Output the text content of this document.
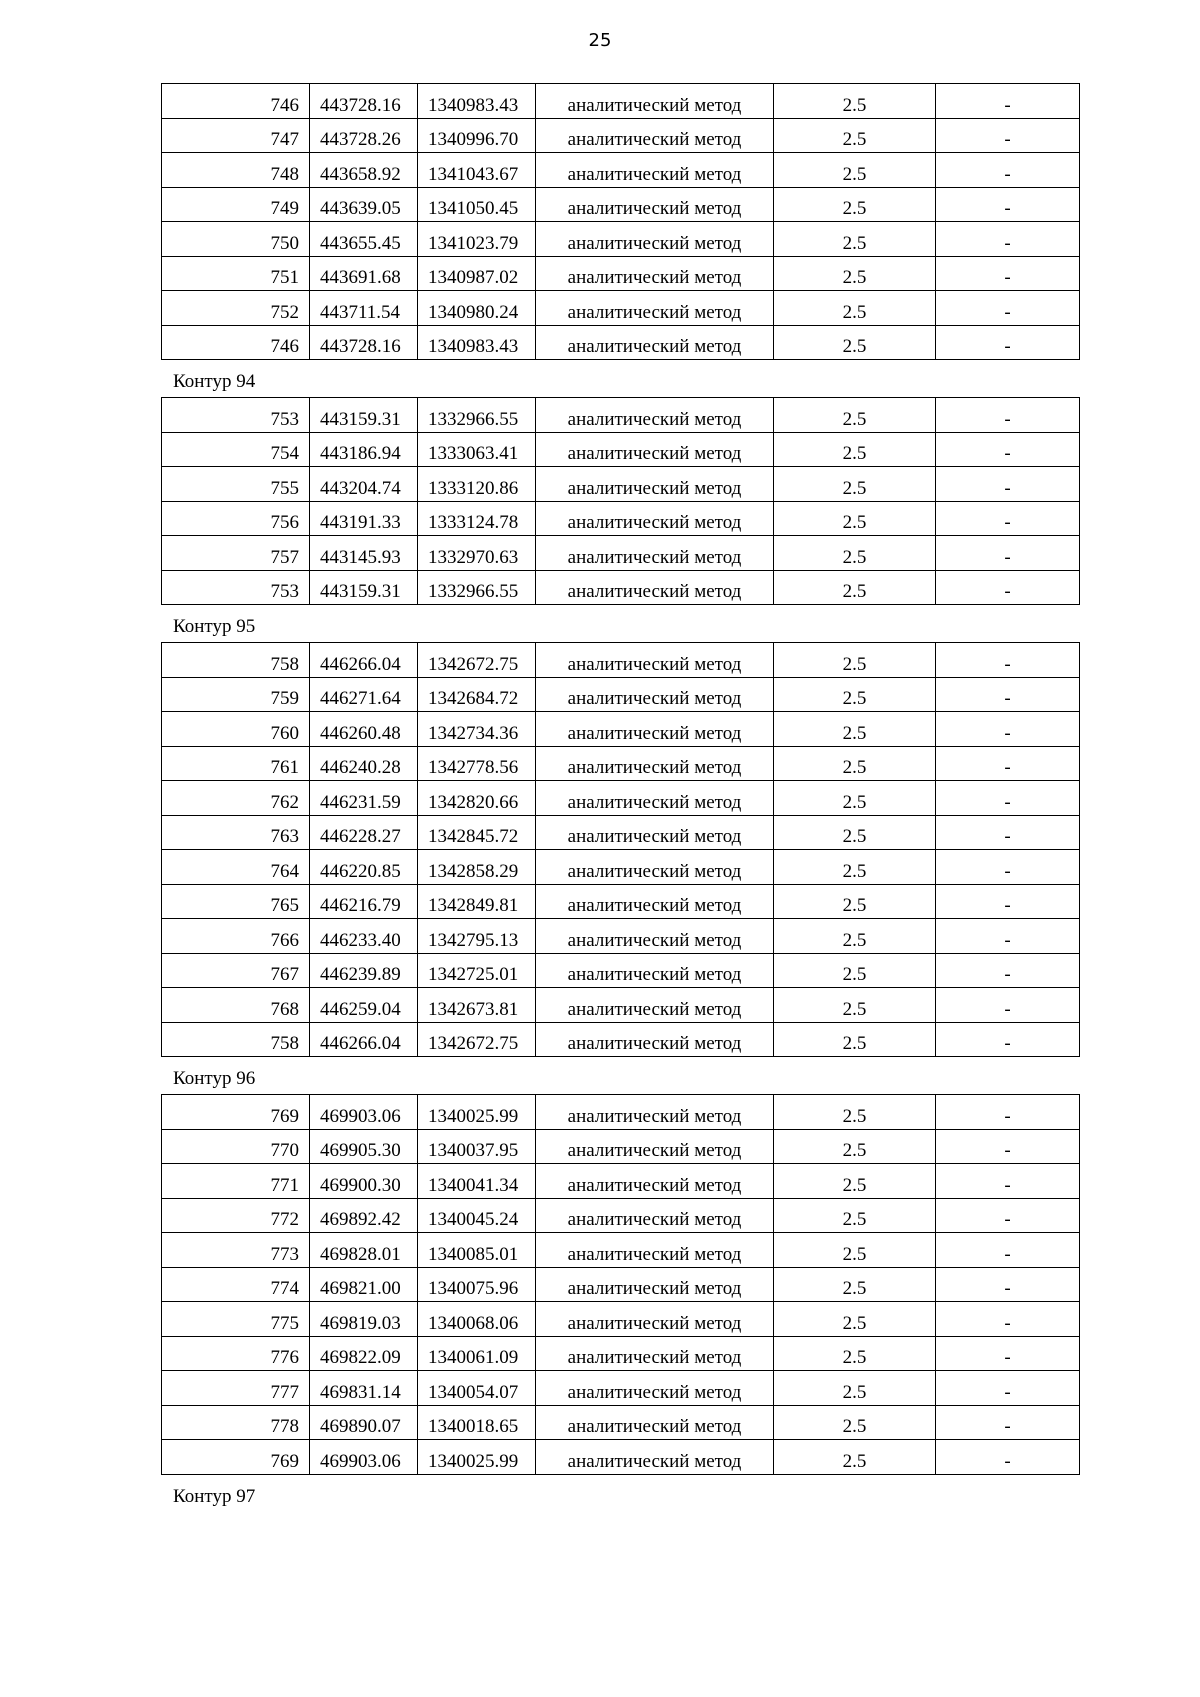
25
746	443728.16	1340983.43	аналитический метод	2.5	-
747	443728.26	1340996.70	аналитический метод	2.5	-
748	443658.92	1341043.67	аналитический метод	2.5	-
749	443639.05	1341050.45	аналитический метод	2.5	-
750	443655.45	1341023.79	аналитический метод	2.5	-
751	443691.68	1340987.02	аналитический метод	2.5	-
752	443711.54	1340980.24	аналитический метод	2.5	-
746	443728.16	1340983.43	аналитический метод	2.5	-
Контур 94
753	443159.31	1332966.55	аналитический метод	2.5	-
754	443186.94	1333063.41	аналитический метод	2.5	-
755	443204.74	1333120.86	аналитический метод	2.5	-
756	443191.33	1333124.78	аналитический метод	2.5	-
757	443145.93	1332970.63	аналитический метод	2.5	-
753	443159.31	1332966.55	аналитический метод	2.5	-
Контур 95
758	446266.04	1342672.75	аналитический метод	2.5	-
759	446271.64	1342684.72	аналитический метод	2.5	-
760	446260.48	1342734.36	аналитический метод	2.5	-
761	446240.28	1342778.56	аналитический метод	2.5	-
762	446231.59	1342820.66	аналитический метод	2.5	-
763	446228.27	1342845.72	аналитический метод	2.5	-
764	446220.85	1342858.29	аналитический метод	2.5	-
765	446216.79	1342849.81	аналитический метод	2.5	-
766	446233.40	1342795.13	аналитический метод	2.5	-
767	446239.89	1342725.01	аналитический метод	2.5	-
768	446259.04	1342673.81	аналитический метод	2.5	-
758	446266.04	1342672.75	аналитический метод	2.5	-
Контур 96
769	469903.06	1340025.99	аналитический метод	2.5	-
770	469905.30	1340037.95	аналитический метод	2.5	-
771	469900.30	1340041.34	аналитический метод	2.5	-
772	469892.42	1340045.24	аналитический метод	2.5	-
773	469828.01	1340085.01	аналитический метод	2.5	-
774	469821.00	1340075.96	аналитический метод	2.5	-
775	469819.03	1340068.06	аналитический метод	2.5	-
776	469822.09	1340061.09	аналитический метод	2.5	-
777	469831.14	1340054.07	аналитический метод	2.5	-
778	469890.07	1340018.65	аналитический метод	2.5	-
769	469903.06	1340025.99	аналитический метод	2.5	-
Контур 97
